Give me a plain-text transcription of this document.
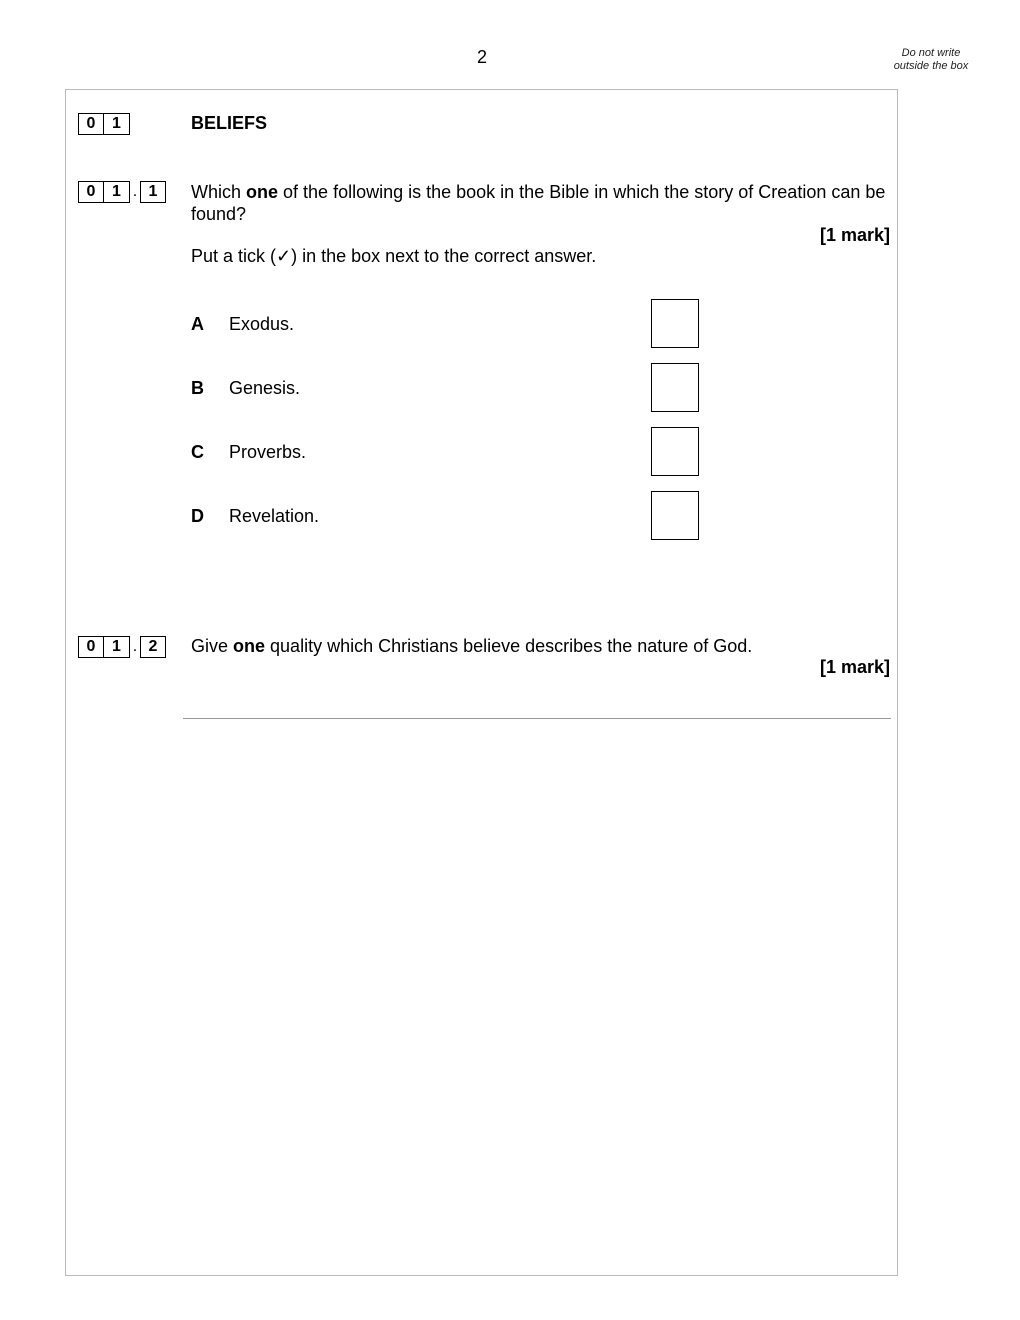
2	Do not write outside the box
0	1	BELIEFS
0	1 . 1	Which one of the following is the book in the Bible in which the story of Creation can be found?
[1 mark]
Put a tick (✓) in the box next to the correct answer.
A Exodus.
B Genesis.
C Proverbs.
D Revelation.
0	1 . 2	Give one quality which Christians believe describes the nature of God.
[1 mark]
